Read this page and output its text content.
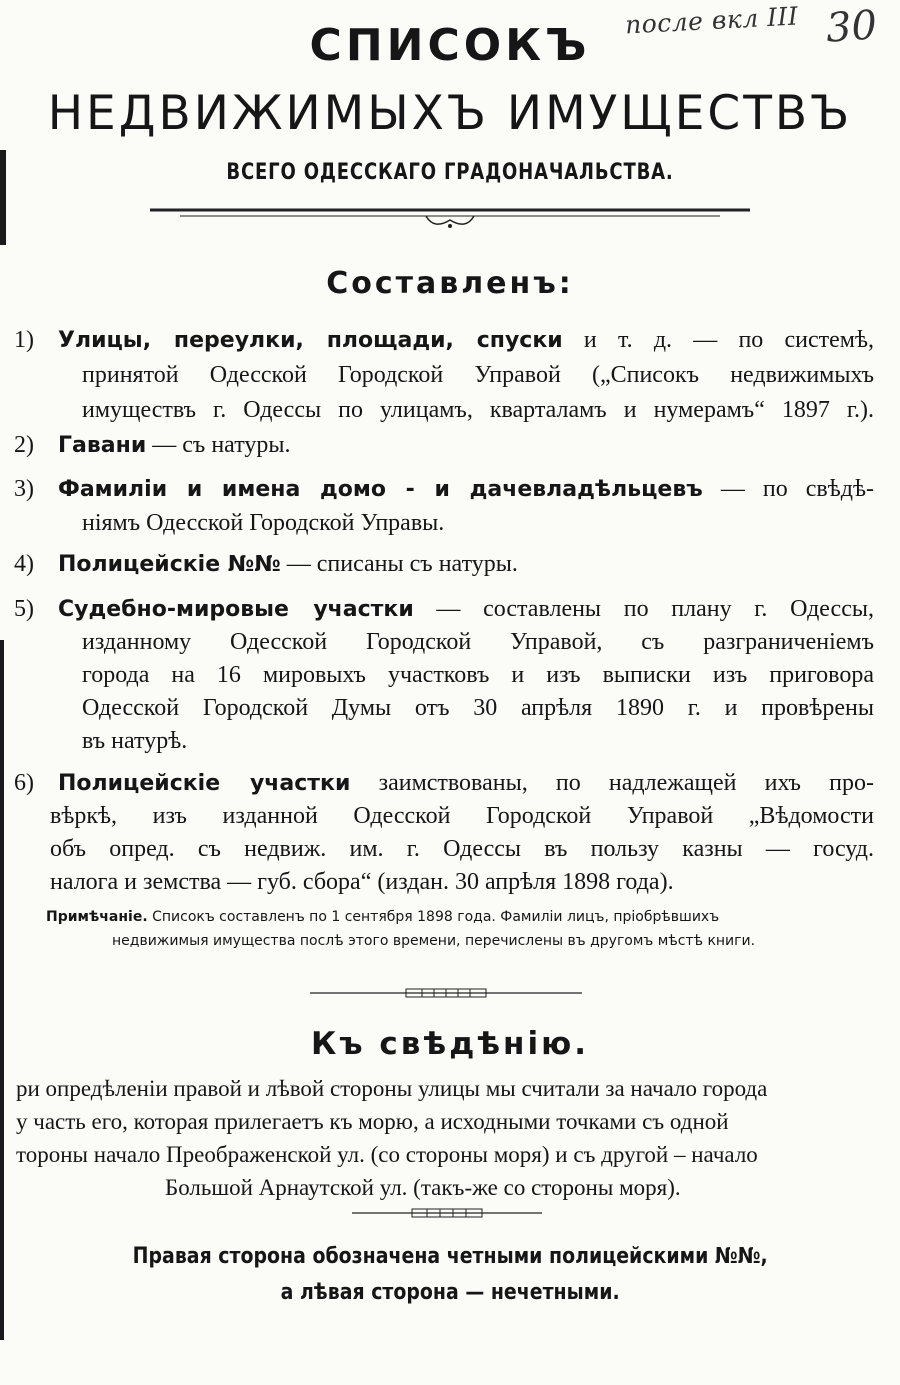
после вкл III 30
СПИСОКЪ
НЕДВИЖИМЫХЪ ИМУЩЕСТВЪ
ВСЕГО ОДЕССКАГО ГРАДОНАЧАЛЬСТВА.
Составленъ:
1) Улицы, переулки, площади, спуски и т. д. — по системѣ,
принятой Одесской Городской Управой („Списокъ недвижимыхъ
имуществъ г. Одессы по улицамъ, кварталамъ и нумерамъ“ 1897 г.).
2) Гавани — съ натуры.
3) Фамиліи и имена домо - и дачевладѣльцевъ — по свѣдѣ-
ніямъ Одесской Городской Управы.
4) Полицейскіе №№ — списаны съ натуры.
5) Судебно-мировые участки — составлены по плану г. Одессы,
изданному Одесской Городской Управой, съ разграниченіемъ
города на 16 мировыхъ участковъ и изъ выписки изъ приговора
Одесской Городской Думы отъ 30 апрѣля 1890 г. и провѣрены
въ натурѣ.
6) Полицейскіе участки заимствованы, по надлежащей ихъ про-
вѣркѣ, изъ изданной Одесской Городской Управой „Вѣдомости
объ опред. съ недвиж. им. г. Одессы въ пользу казны — госуд.
налога и земства — губ. сбора“ (издан. 30 апрѣля 1898 года).
Примѣчаніе. Списокъ составленъ по 1 сентября 1898 года. Фамиліи лицъ, пріобрѣвшихъ
недвижимыя имущества послѣ этого времени, перечислены въ другомъ мѣстѣ книги.
Къ свѣдѣнію.
ри опредѣленіи правой и лѣвой стороны улицы мы считали за начало города
у часть его, которая прилегаетъ къ морю, а исходными точками съ одной
тороны начало Преображенской ул. (со стороны моря) и съ другой – начало
Большой Арнаутской ул. (такъ-же со стороны моря).
Правая сторона обозначена четными полицейскими №№,
а лѣвая сторона — нечетными.
